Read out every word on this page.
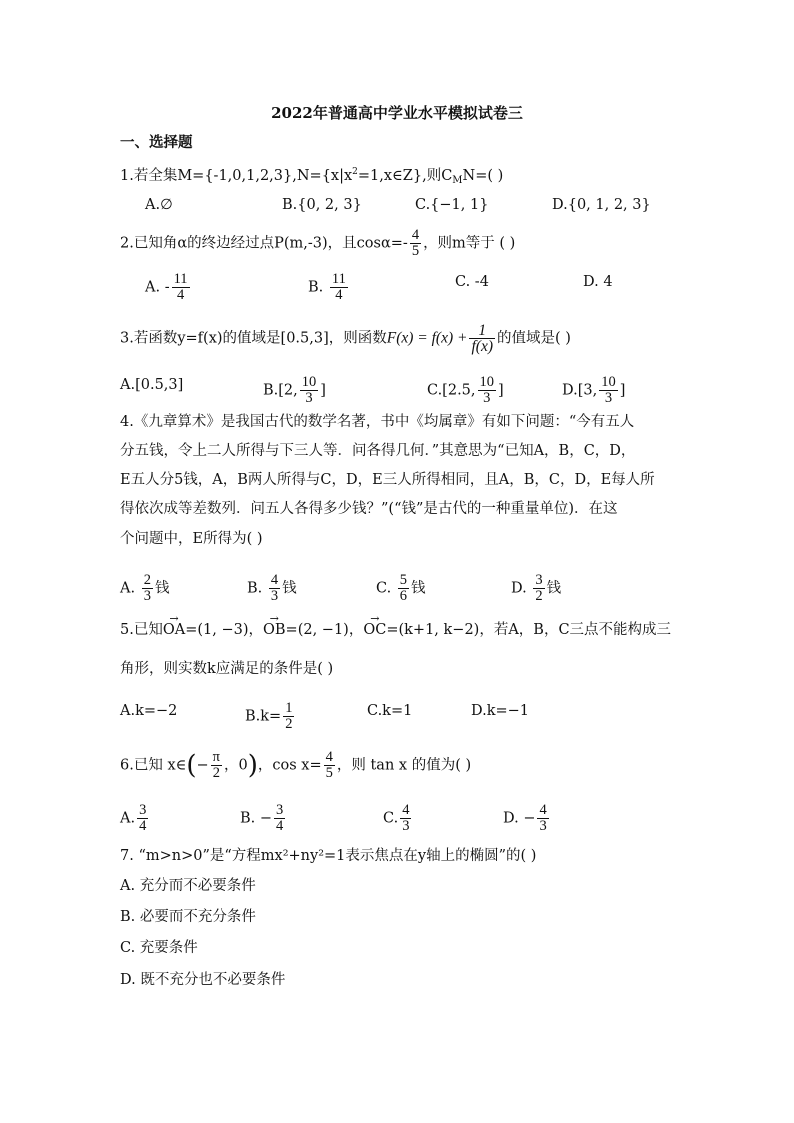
2022年普通高中学业水平模拟试卷三
一、选择题
1.若全集$M=\{-1,0,1,2,3\},N=\{x|x^2=1,x\in Z\}$,则$C_MN=$( )
A.∅	B.{0, 2, 3}	C.{−1, 1}	D.{0, 1, 2, 3}
2.已知角α的终边经过点P(m,-3)，且$\cos\alpha=- \frac{4}{5}$ ，则m等于 ( )
A. - $\frac{11}{4}$	B. $\frac{11}{4}$	C. -4	D. 4
3.若函数y=f(x)的值域是[0.5,3]，则函数$F(x) = f(x) + \frac{1}{f(x)}$ 的值域是( )
A.[0.5,3]	B.[2, $\frac{10}{3}$ ]	C.[2.5, $\frac{10}{3}$ ]	D.[3, $\frac{10}{3}$ ]
4.《九章算术》是我国古代的数学名著，书中《均属章》有如下问题：“今有五人
分五钱，令上二人所得与下三人等．问各得几何．”其意思为“已知A，B，C，D，
E五人分5钱，A，B两人所得与C，D，E三人所得相同，且A，B，C，D，E每人所
得依次成等差数列．问五人各得多少钱？”(“钱”是古代的一种重量单位)．在这
个问题中，E所得为( )
A. $\frac{2}{3}$ 钱	B. $\frac{4}{3}$ 钱	C. $\frac{5}{6}$ 钱	D. $\frac{3}{2}$ 钱
5.已知→ OA=(1, −3)，→ OB=(2, −1)，→ OC=(k+1, k−2)，若A，B，C三点不能构成三
角形，则实数k应满足的条件是( )
A.k=−2	$B.k= \frac{1}{2}$	C.k=1	D.k=−1
6.已知 x∈(− $\frac{\pi}{2}$ ，0)，$\cos x= \frac{4}{5}$ ，则 tan x 的值为( )
A. $\frac{3}{4}$	B. − $\frac{3}{4}$	C. $\frac{4}{3}$	D. − $\frac{4}{3}$
7. “m>n>0”是“方程mx²+ny²=1表示焦点在y轴上的椭圆”的( )
A. 充分而不必要条件
B. 必要而不充分条件
C. 充要条件
D. 既不充分也不必要条件
